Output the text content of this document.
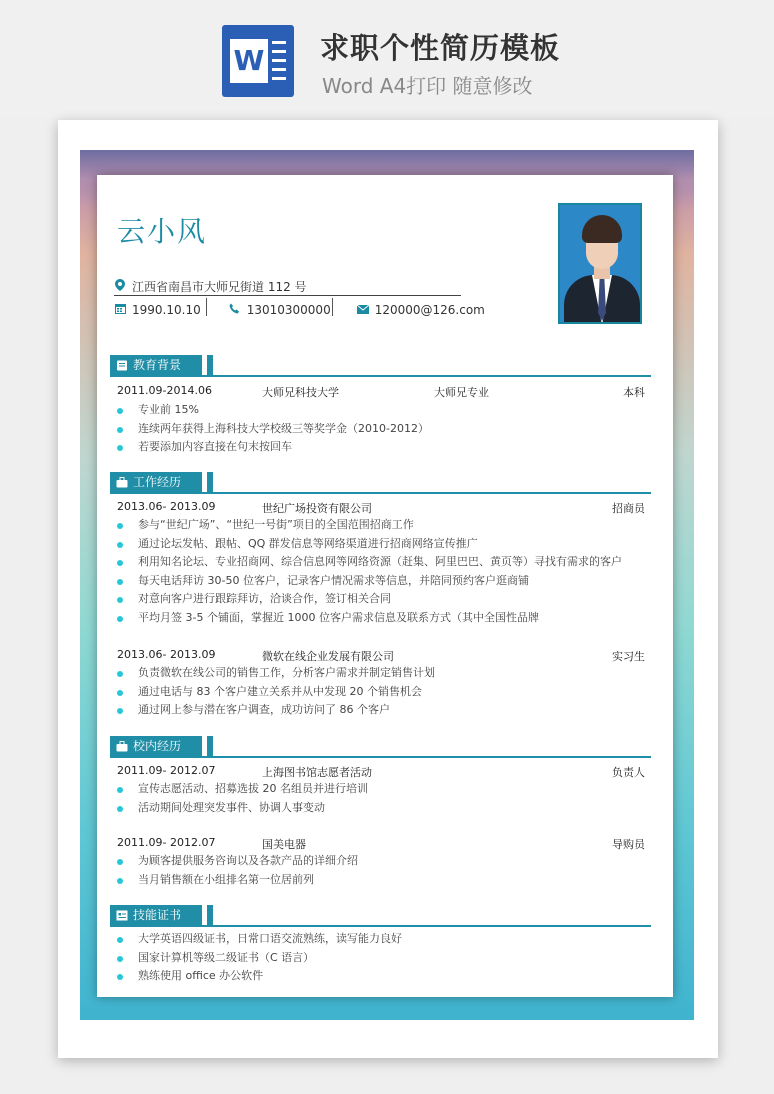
W 求职个性简历模板
Word A4打印 随意修改
云小风
江西省南昌市大师兄街道 112 号
1990.10.10	13010300000	120000@126.com
教育背景
2011.09-2014.06	大师兄科技大学	大师兄专业	本科
专业前 15%
连续两年获得上海科技大学校级三等奖学金（2010-2012）
若要添加内容直接在句末按回车
工作经历
2013.06- 2013.09	世纪广场投资有限公司	招商员
参与“世纪广场”、“世纪一号街”项目的全国范围招商工作
通过论坛发帖、跟帖、QQ 群发信息等网络渠道进行招商网络宣传推广
利用知名论坛、专业招商网、综合信息网等网络资源（赶集、阿里巴巴、黄页等）寻找有需求的客户
每天电话拜访 30-50 位客户，记录客户情况需求等信息，并陪同预约客户逛商铺
对意向客户进行跟踪拜访，洽谈合作，签订相关合同
平均月签 3-5 个铺面，掌握近 1000 位客户需求信息及联系方式（其中全国性品牌
2013.06- 2013.09	微软在线企业发展有限公司	实习生
负责微软在线公司的销售工作，分析客户需求并制定销售计划
通过电话与 83 个客户建立关系并从中发现 20 个销售机会
通过网上参与潜在客户调查，成功访问了 86 个客户
校内经历
2011.09- 2012.07	上海图书馆志愿者活动	负责人
宣传志愿活动、招募选拔 20 名组员并进行培训
活动期间处理突发事件、协调人事变动
2011.09- 2012.07	国美电器	导购员
为顾客提供服务咨询以及各款产品的详细介绍
当月销售额在小组排名第一位居前列
技能证书
大学英语四级证书，日常口语交流熟练，读写能力良好
国家计算机等级二级证书（C 语言）
熟练使用 office 办公软件
